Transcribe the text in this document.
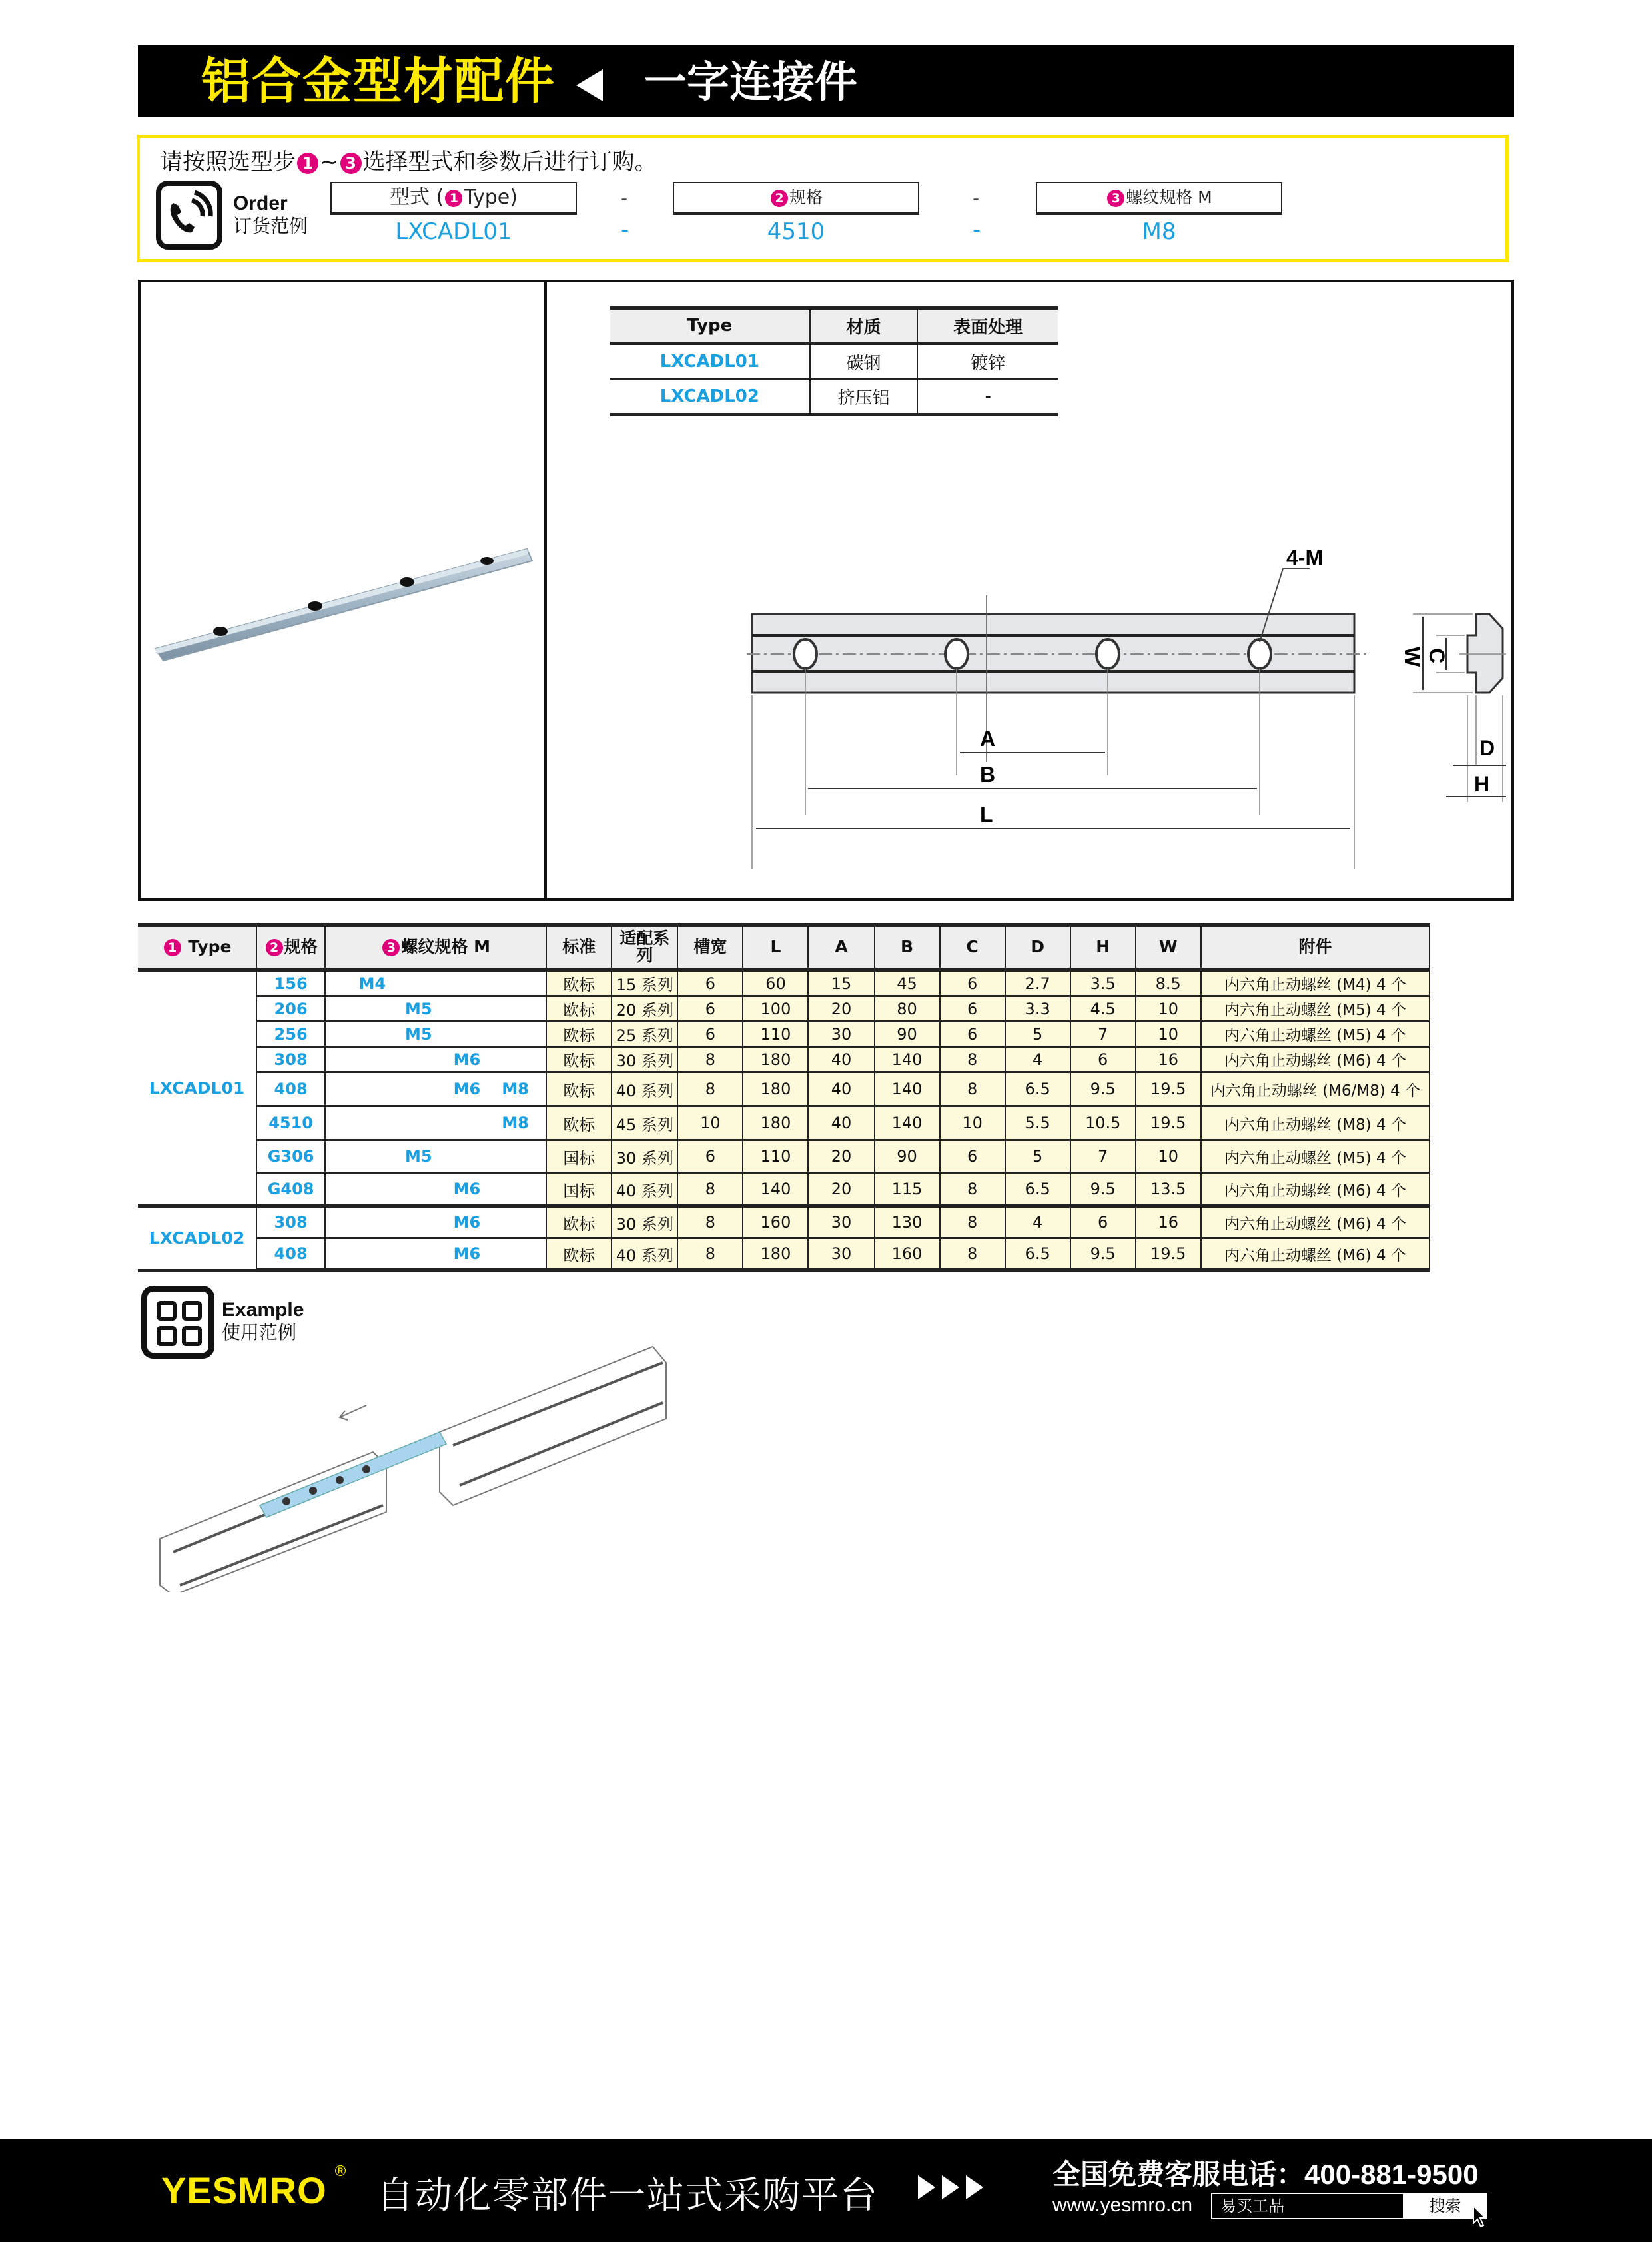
铝合金型材配件 一字连接件
请按照选型步 1 ~ 3 选择型式和参数后进行订购。
Order
订货范例
型式 ( 1 Type)
LXCADL01
-
-
2 规格
4510
-
-
3 螺纹规格 M
M8
Type	材质	表面处理
LXCADL01	碳钢	镀锌
LXCADL02	挤压铝	-
4-M
A
B
L
W C
D
H
1 Type	2 规格	3 螺纹规格 M	标准	适配系列	槽宽	L	A	B	C	D	H	W	附件
LXCADL01	156	M4	欧标	15 系列	6	60	15	45	6	2.7	3.5	8.5	内六角止动螺丝 (M4) 4 个
	206	M5	欧标	20 系列	6	100	20	80	6	3.3	4.5	10	内六角止动螺丝 (M5) 4 个
	256	M5	欧标	25 系列	6	110	30	90	6	5	7	10	内六角止动螺丝 (M5) 4 个
	308	M6	欧标	30 系列	8	180	40	140	8	4	6	16	内六角止动螺丝 (M6) 4 个
	408	M6 M8	欧标	40 系列	8	180	40	140	8	6.5	9.5	19.5	内六角止动螺丝 (M6/M8) 4 个
	4510	M8	欧标	45 系列	10	180	40	140	10	5.5	10.5	19.5	内六角止动螺丝 (M8) 4 个
	G306	M5	国标	30 系列	6	110	20	90	6	5	7	10	内六角止动螺丝 (M5) 4 个
	G408	M6	国标	40 系列	8	140	20	115	8	6.5	9.5	13.5	内六角止动螺丝 (M6) 4 个
LXCADL02	308	M6	欧标	30 系列	8	160	30	130	8	4	6	16	内六角止动螺丝 (M6) 4 个
	408	M6	欧标	40 系列	8	180	30	160	8	6.5	9.5	19.5	内六角止动螺丝 (M6) 4 个
Example
使用范例
YESMRO ®
自动化零部件一站式采购平台	全国免费客服电话：400-881-9500
www.yesmro.cn	易买工品	搜索
